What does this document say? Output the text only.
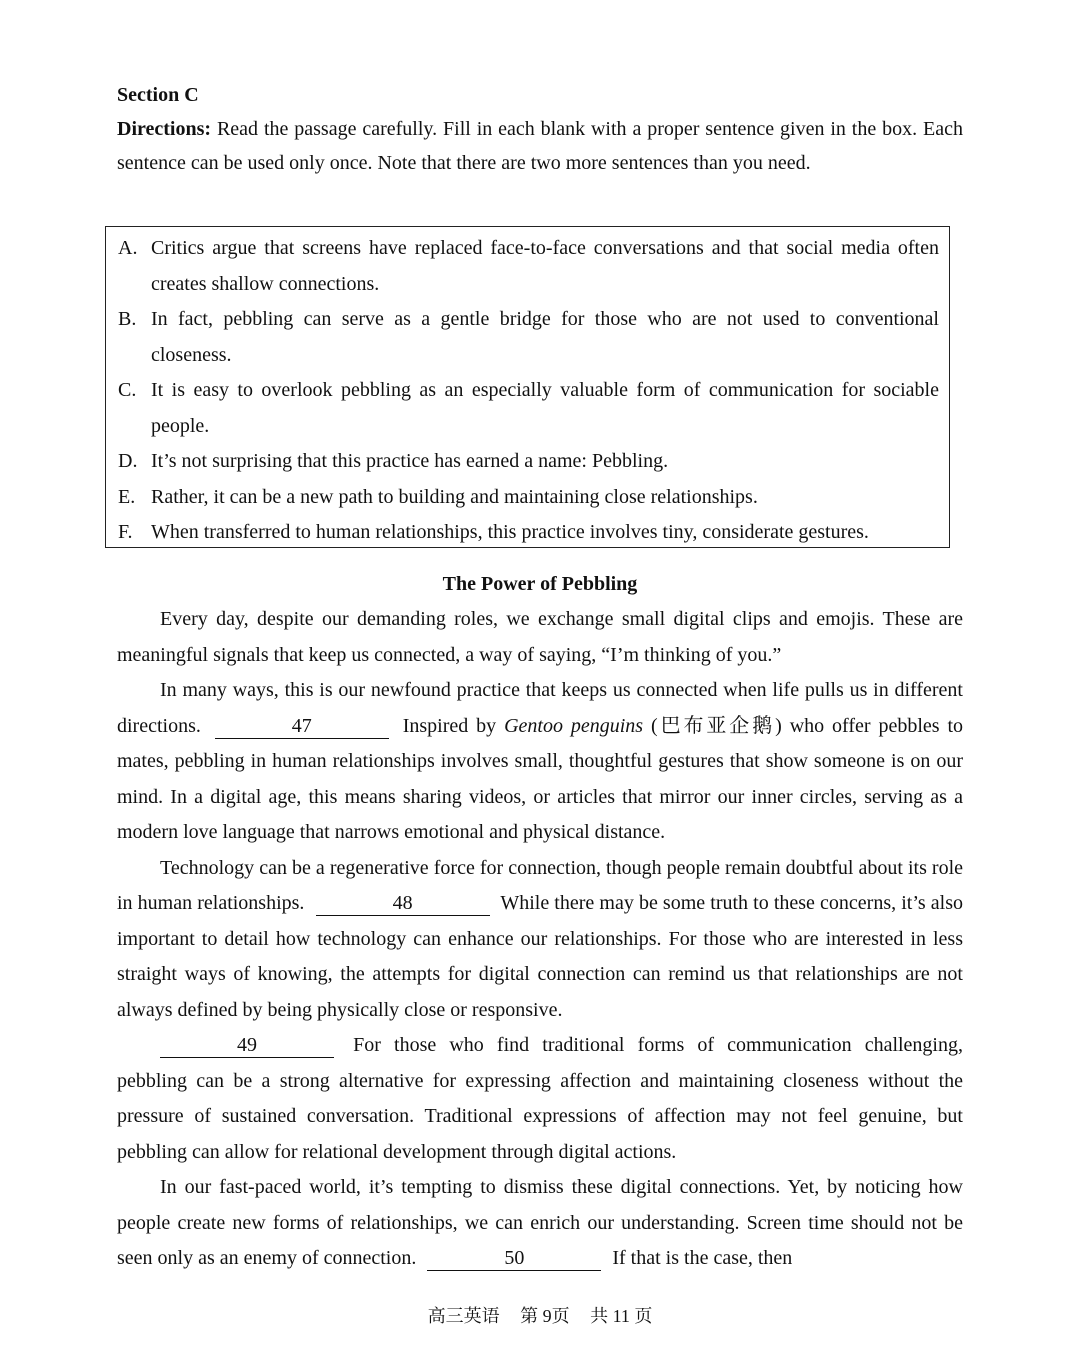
Section C

Directions: Read the passage carefully. Fill in each blank with a proper sentence given in the box. Each sentence can be used only once. Note that there are two more sentences than you need.

A. Critics argue that screens have replaced face-to-face conversations and that social media often creates shallow connections.
B. In fact, pebbling can serve as a gentle bridge for those who are not used to conventional closeness.
C. It is easy to overlook pebbling as an especially valuable form of communication for sociable people.
D. It’s not surprising that this practice has earned a name: Pebbling.
E. Rather, it can be a new path to building and maintaining close relationships.
F. When transferred to human relationships, this practice involves tiny, considerate gestures.

The Power of Pebbling

Every day, despite our demanding roles, we exchange small digital clips and emojis. These are meaningful signals that keep us connected, a way of saying, “I’m thinking of you.”

In many ways, this is our newfound practice that keeps us connected when life pulls us in different directions.	47	Inspired by Gentoo penguins (巴布亚企鹅) who offer pebbles to mates, pebbling in human relationships involves small, thoughtful gestures that show someone is on our mind. In a digital age, this means sharing videos, or articles that mirror our inner circles, serving as a modern love language that narrows emotional and physical distance.

Technology can be a regenerative force for connection, though people remain doubtful about its role in human relationships.	48	While there may be some truth to these concerns, it’s also important to detail how technology can enhance our relationships. For those who are interested in less straight ways of knowing, the attempts for digital connection can remind us that relationships are not always defined by being physically close or responsive.

49	For those who find traditional forms of communication challenging, pebbling can be a strong alternative for expressing affection and maintaining closeness without the pressure of sustained conversation. Traditional expressions of affection may not feel genuine, but pebbling can allow for relational development through digital actions.

In our fast-paced world, it’s tempting to dismiss these digital connections. Yet, by noticing how people create new forms of relationships, we can enrich our understanding. Screen time should not be seen only as an enemy of connection.	50	If that is the case, then

高三英语 第 9页 共 11 页
